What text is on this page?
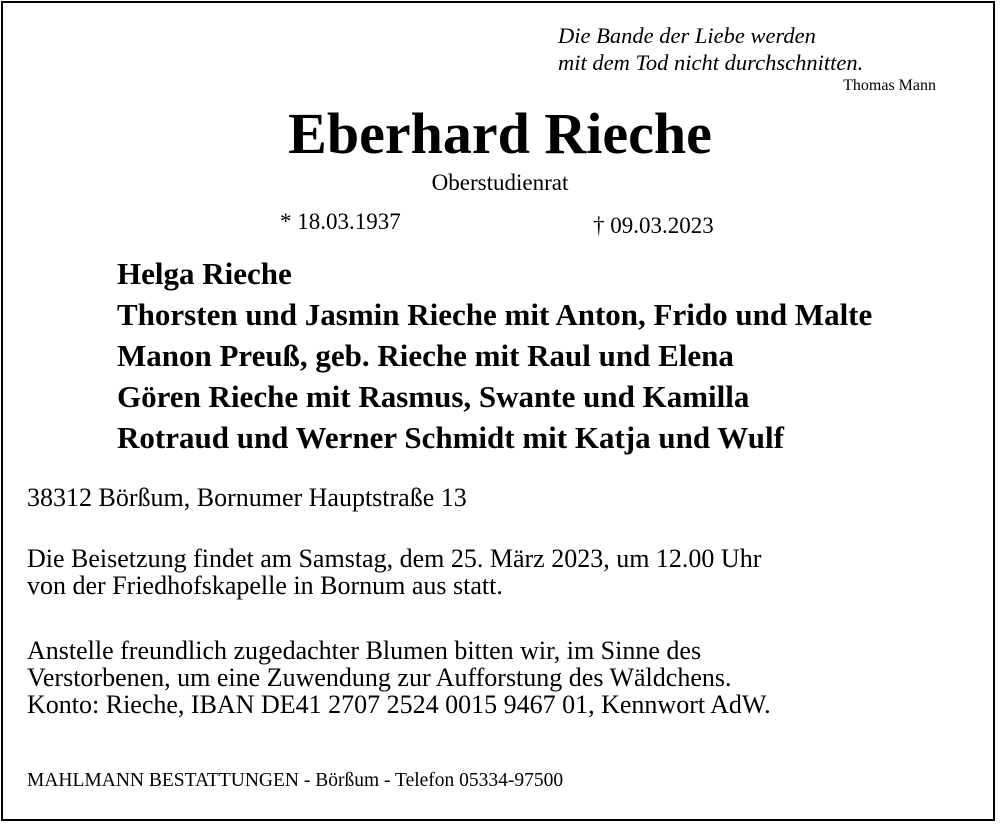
Die Bande der Liebe werden
mit dem Tod nicht durchschnitten.
Thomas Mann
Eberhard Rieche
Oberstudienrat
* 18.03.1937	† 09.03.2023
Helga Rieche
Thorsten und Jasmin Rieche mit Anton, Frido und Malte
Manon Preuß, geb. Rieche mit Raul und Elena
Gören Rieche mit Rasmus, Swante und Kamilla
Rotraud und Werner Schmidt mit Katja und Wulf
38312 Börßum, Bornumer Hauptstraße 13
Die Beisetzung findet am Samstag, dem 25. März 2023, um 12.00 Uhr
von der Friedhofskapelle in Bornum aus statt.
Anstelle freundlich zugedachter Blumen bitten wir, im Sinne des
Verstorbenen, um eine Zuwendung zur Aufforstung des Wäldchens.
Konto: Rieche, IBAN DE41 2707 2524 0015 9467 01, Kennwort AdW.
MAHLMANN BESTATTUNGEN - Börßum - Telefon 05334-97500
